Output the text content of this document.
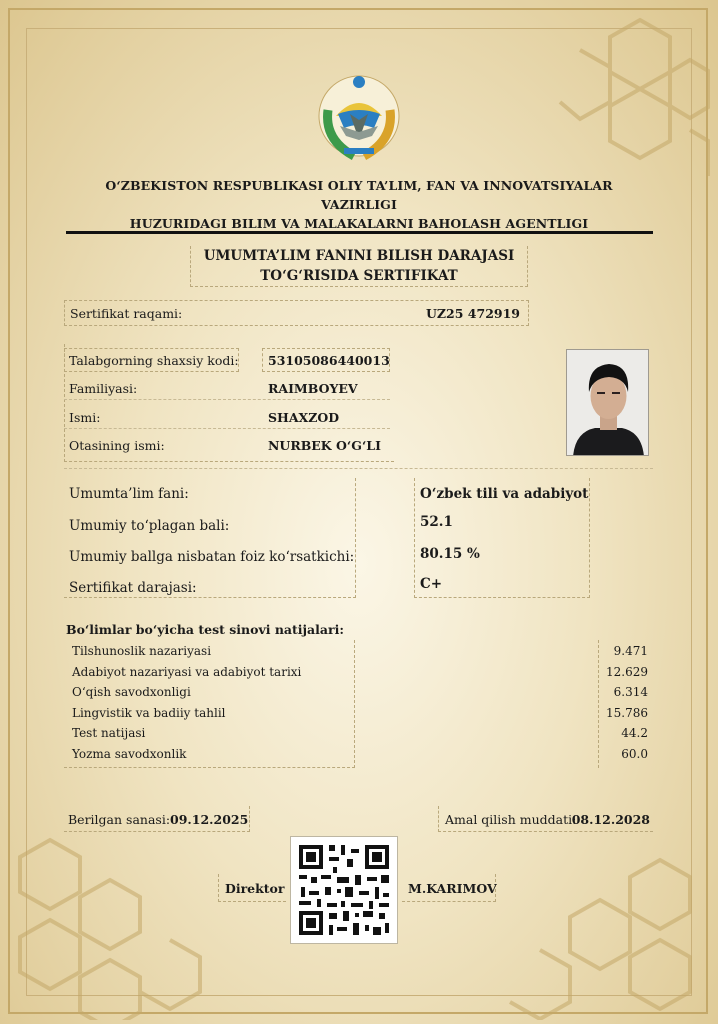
O‘ZBEKISTON RESPUBLIKASI OLIY TA’LIM, FAN VA INNOVATSIYALAR VAZIRLIGI
HUZURIDAGI BILIM VA MALAKALARNI BAHOLASH AGENTLIGI
UMUMTA’LIM FANINI BILISH DARAJASI
TO‘G‘RISIDA SERTIFIKAT
Sertifikat raqami:	UZ25 472919
Talabgorning shaxsiy kodi: 53105086440013
Familiyasi:	RAIMBOYEV
Ismi:	SHAXZOD
Otasining ismi:	NURBEK O‘G‘LI
Umumta’lim fani:	O‘zbek tili va adabiyot
Umumiy to‘plagan bali:	52.1
Umumiy ballga nisbatan foiz ko‘rsatkichi:	80.15 %
Sertifikat darajasi:	C+
Bo‘limlar bo‘yicha test sinovi natijalari:
Tilshunoslik nazariyasi	9.471
Adabiyot nazariyasi va adabiyot tarixi	12.629
O‘qish savodxonligi	6.314
Lingvistik va badiiy tahlil	15.786
Test natijasi	44.2
Yozma savodxonlik	60.0
Berilgan sanasi: 09.12.2025	Amal qilish muddati:
08.12.2028
Direktor	M.KARIMOV
